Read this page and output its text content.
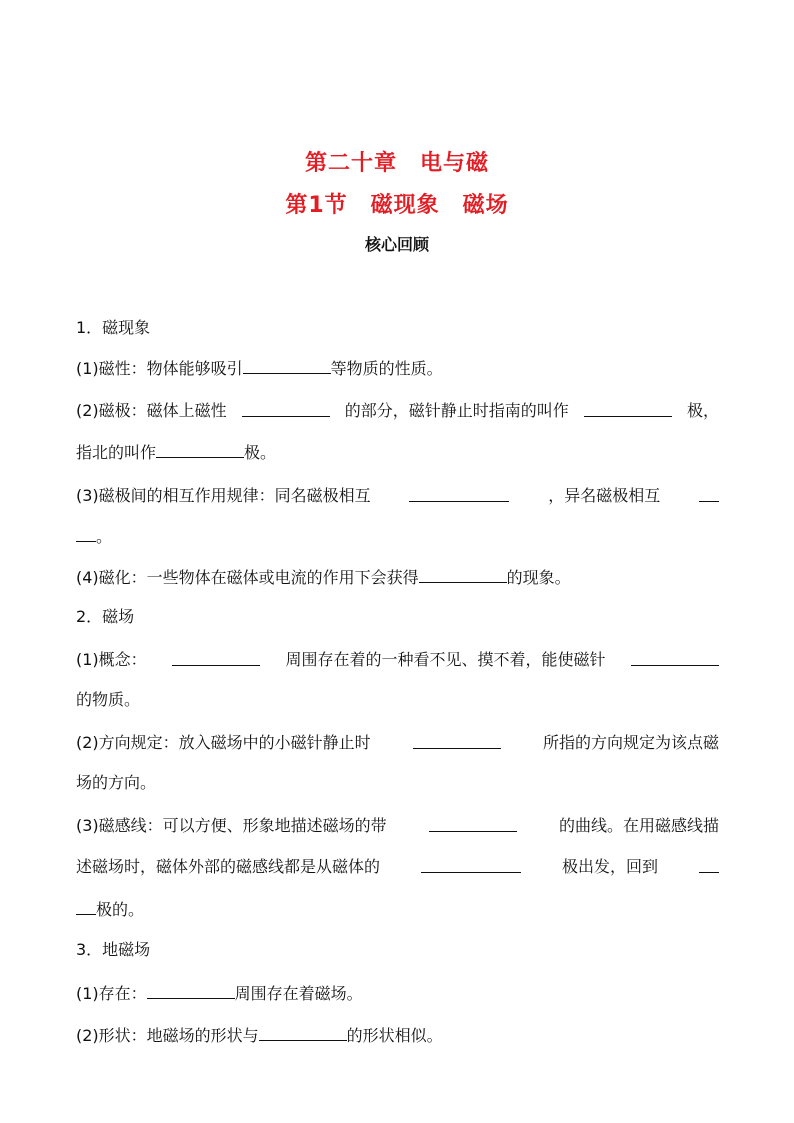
第二十章　电与磁
第1节　磁现象　磁场
核心回顾
1．磁现象
(1)磁性：物体能够吸引	等物质的性质。
(2)磁极：磁体上磁性	的部分，磁针静止时指南的叫作	极，
指北的叫作	极。
(3)磁极间的相互作用规律：同名磁极相互	，异名磁极相互
。
(4)磁化：一些物体在磁体或电流的作用下会获得	的现象。
2．磁场
(1)概念：	周围存在着的一种看不见、摸不着，能使磁针
的物质。
(2)方向规定：放入磁场中的小磁针静止时	所指的方向规定为该点磁
场的方向。
(3)磁感线：可以方便、形象地描述磁场的带	的曲线。在用磁感线描
述磁场时，磁体外部的磁感线都是从磁体的	极出发，回到
极的。
3．地磁场
(1)存在：	周围存在着磁场。
(2)形状：地磁场的形状与	的形状相似。
